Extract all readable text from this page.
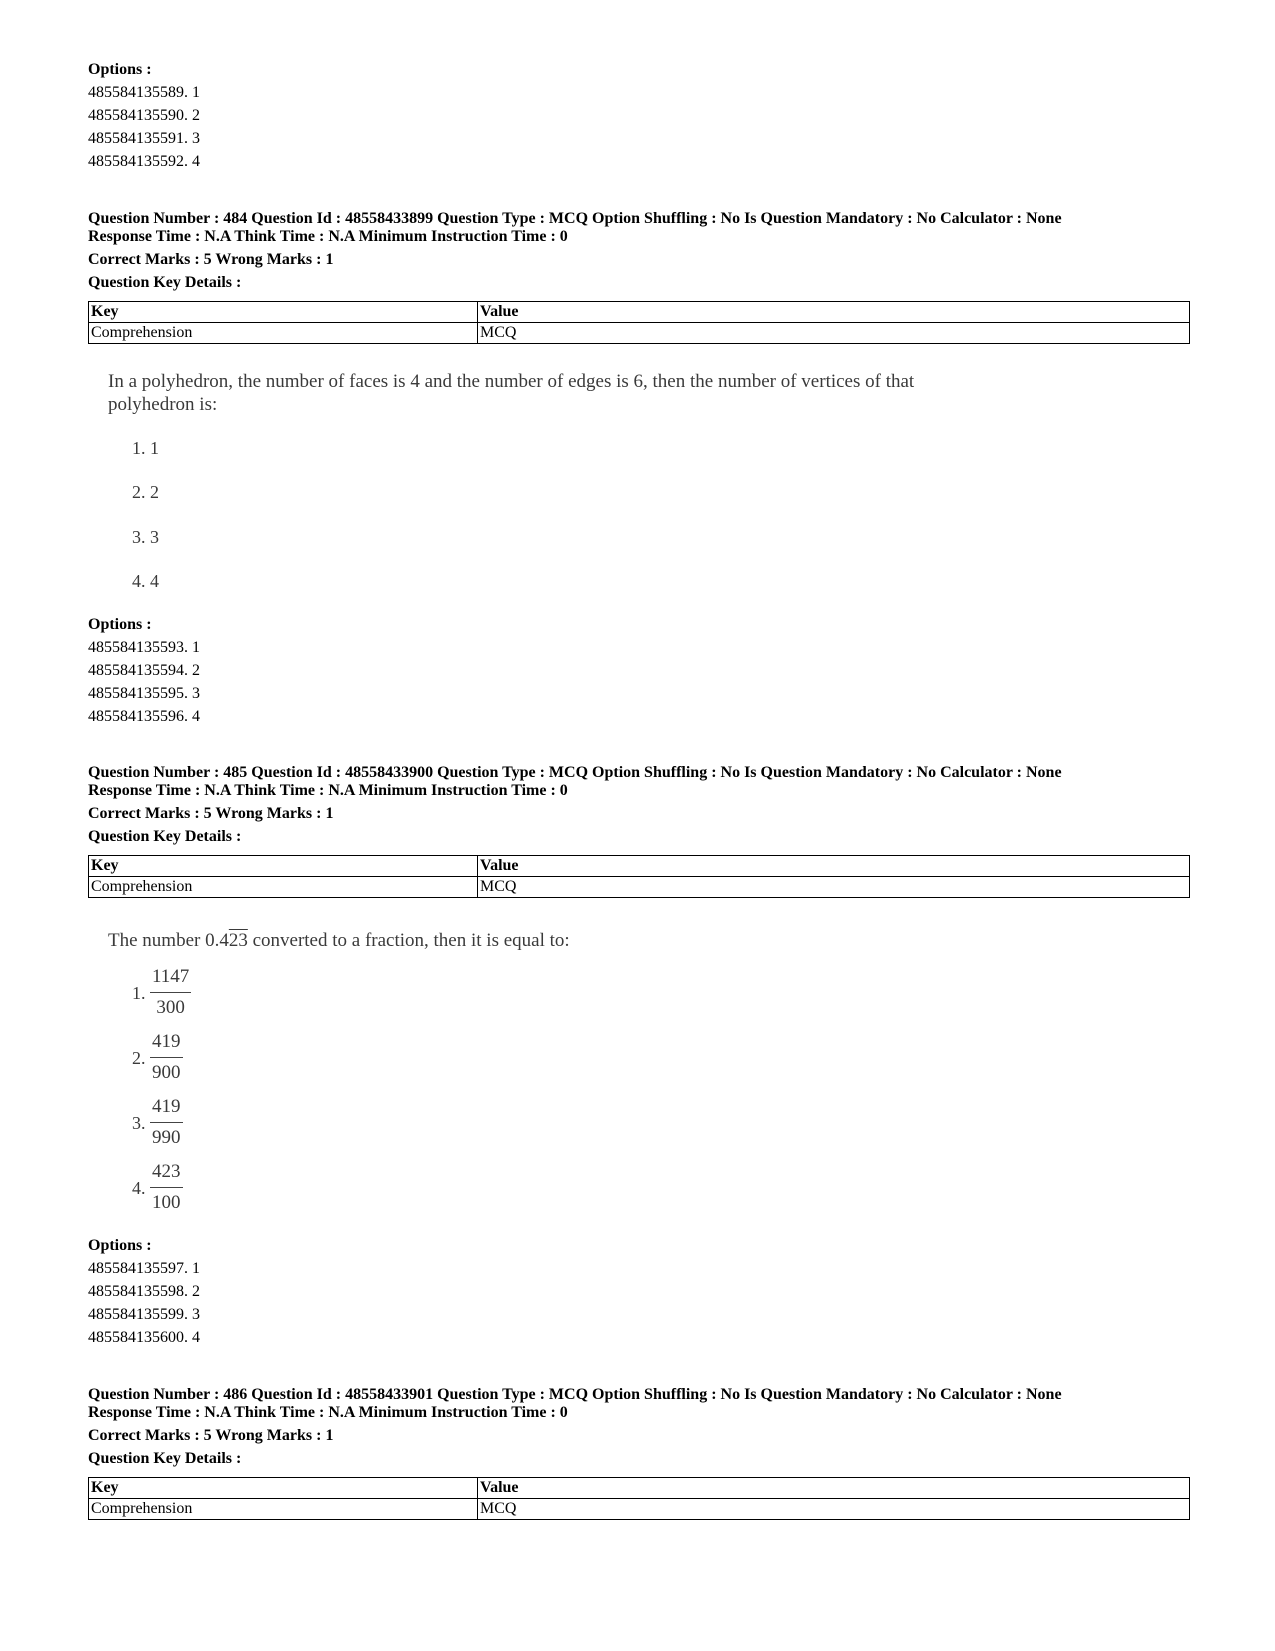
Options :
485584135589. 1
485584135590. 2
485584135591. 3
485584135592. 4
Question Number : 484 Question Id : 48558433899 Question Type : MCQ Option Shuffling : No Is Question Mandatory : No Calculator : None
Response Time : N.A Think Time : N.A Minimum Instruction Time : 0
Correct Marks : 5 Wrong Marks : 1
Question Key Details :
Key	Value
Comprehension	MCQ
In a polyhedron, the number of faces is 4 and the number of edges is 6, then the number of vertices of that
polyhedron is:
1. 1
2. 2
3. 3
4. 4
Options :
485584135593. 1
485584135594. 2
485584135595. 3
485584135596. 4
Question Number : 485 Question Id : 48558433900 Question Type : MCQ Option Shuffling : No Is Question Mandatory : No Calculator : None
Response Time : N.A Think Time : N.A Minimum Instruction Time : 0
Correct Marks : 5 Wrong Marks : 1
Question Key Details :
Key	Value
Comprehension	MCQ
The number 0.423 converted to a fraction, then it is equal to:
1. $\frac{1147}{300}$
2. $\frac{419}{900}$
3. $\frac{419}{990}$
4. $\frac{423}{100}$
Options :
485584135597. 1
485584135598. 2
485584135599. 3
485584135600. 4
Question Number : 486 Question Id : 48558433901 Question Type : MCQ Option Shuffling : No Is Question Mandatory : No Calculator : None
Response Time : N.A Think Time : N.A Minimum Instruction Time : 0
Correct Marks : 5 Wrong Marks : 1
Question Key Details :
Key	Value
Comprehension	MCQ
